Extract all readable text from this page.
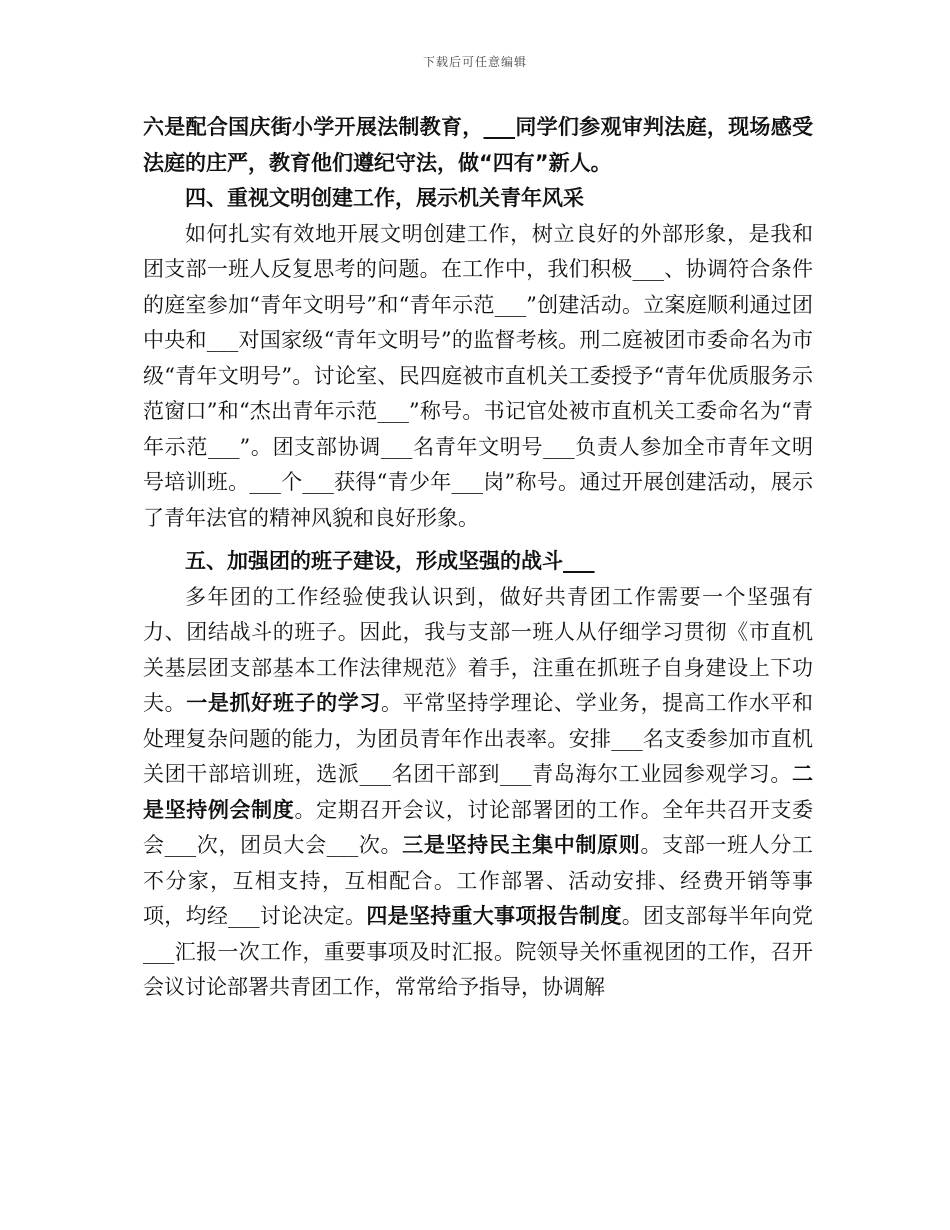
下载后可任意编辑

六是配合国庆街小学开展法制教育，___同学们参观审判法庭，现场感受法庭的庄严，教育他们遵纪守法，做“四有”新人。

四、重视文明创建工作，展示机关青年风采

如何扎实有效地开展文明创建工作，树立良好的外部形象，是我和团支部一班人反复思考的问题。在工作中，我们积极___、协调符合条件的庭室参加“青年文明号”和“青年示范___”创建活动。立案庭顺利通过团中央和___对国家级“青年文明号”的监督考核。刑二庭被团市委命名为市级“青年文明号”。讨论室、民四庭被市直机关工委授予“青年优质服务示范窗口”和“杰出青年示范___”称号。书记官处被市直机关工委命名为“青年示范___”。团支部协调___名青年文明号___负责人参加全市青年文明号培训班。___个___获得“青少年___岗”称号。通过开展创建活动，展示了青年法官的精神风貌和良好形象。

五、加强团的班子建设，形成坚强的战斗___

多年团的工作经验使我认识到，做好共青团工作需要一个坚强有力、团结战斗的班子。因此，我与支部一班人从仔细学习贯彻《市直机关基层团支部基本工作法律规范》着手，注重在抓班子自身建设上下功夫。一是抓好班子的学习。平常坚持学理论、学业务，提高工作水平和处理复杂问题的能力，为团员青年作出表率。安排___名支委参加市直机关团干部培训班，选派___名团干部到___青岛海尔工业园参观学习。二是坚持例会制度。定期召开会议，讨论部署团的工作。全年共召开支委会___次，团员大会___次。三是坚持民主集中制原则。支部一班人分工不分家，互相支持，互相配合。工作部署、活动安排、经费开销等事项，均经___讨论决定。四是坚持重大事项报告制度。团支部每半年向党___汇报一次工作，重要事项及时汇报。院领导关怀重视团的工作，召开会议讨论部署共青团工作，常常给予指导，协调解
